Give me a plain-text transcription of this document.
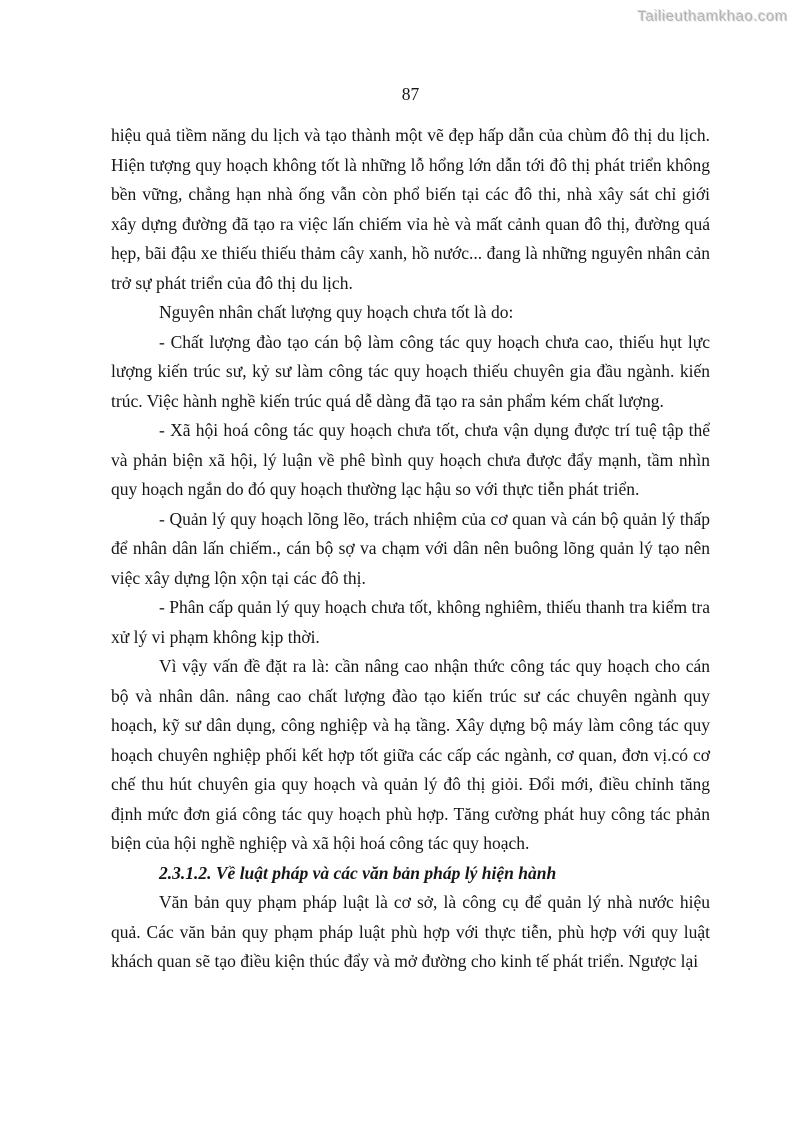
Tailieuthamkhao.com
87

hiệu quả tiềm năng du lịch và tạo thành một vẽ đẹp hấp dẫn của chùm đô thị du lịch. Hiện tượng quy hoạch không tốt là những lỗ hổng lớn dẫn tới đô thị phát triển không bền vững, chẳng hạn nhà ống vẫn còn phổ biến tại các đô thi, nhà xây sát chỉ giới xây dựng đường đã tạo ra việc lấn chiếm vỉa hè và mất cảnh quan đô thị, đường quá hẹp, bãi đậu xe thiếu thiếu thảm cây xanh, hồ nước... đang là những nguyên nhân cản trở sự phát triển của đô thị du lịch.

Nguyên nhân chất lượng quy hoạch chưa tốt là do:

- Chất lượng đào tạo cán bộ làm công tác quy hoạch chưa cao, thiếu hụt lực lượng kiến trúc sư, kỷ sư làm công tác quy hoạch thiếu chuyên gia đầu ngành. kiến trúc. Việc hành nghề kiến trúc quá dễ dàng đã tạo ra sản phẩm kém chất lượng.

- Xã hội hoá công tác quy hoạch chưa tốt, chưa vận dụng được trí tuệ tập thể và phản biện xã hội, lý luận về phê bình quy hoạch chưa được đẩy mạnh, tầm nhìn quy hoạch ngắn do đó quy hoạch thường lạc hậu so với thực tiễn phát triển.

- Quản lý quy hoạch lõng lẽo, trách nhiệm của cơ quan và cán bộ quản lý thấp để nhân dân lấn chiếm., cán bộ sợ va chạm với dân nên buông lõng quản lý tạo nên việc xây dựng lộn xộn tại các đô thị.

- Phân cấp quản lý quy hoạch chưa tốt, không nghiêm, thiếu thanh tra kiểm tra xử lý vi phạm không kịp thời.

Vì vậy vấn đề đặt ra là: cần nâng cao nhận thức công tác quy hoạch cho cán bộ và nhân dân. nâng cao chất lượng đào tạo kiến trúc sư các chuyên ngành quy hoạch, kỹ sư dân dụng, công nghiệp và hạ tầng. Xây dựng bộ máy làm công tác quy hoạch chuyên nghiệp phối kết hợp tốt giữa các cấp các ngành, cơ quan, đơn vị.có cơ chế thu hút chuyên gia quy hoạch và quản lý đô thị giỏi. Đổi mới, điều chỉnh tăng định mức đơn giá công tác quy hoạch phù hợp. Tăng cường phát huy công tác phản biện của hội nghề nghiệp và xã hội hoá công tác quy hoạch.

2.3.1.2. Về luật pháp và các văn bản pháp lý hiện hành

Văn bản quy phạm pháp luật là cơ sở, là công cụ để quản lý nhà nước hiệu quả. Các văn bản quy phạm pháp luật phù hợp với thực tiễn, phù hợp với quy luật khách quan sẽ tạo điều kiện thúc đẩy và mở đường cho kinh tế phát triển. Ngược lại
